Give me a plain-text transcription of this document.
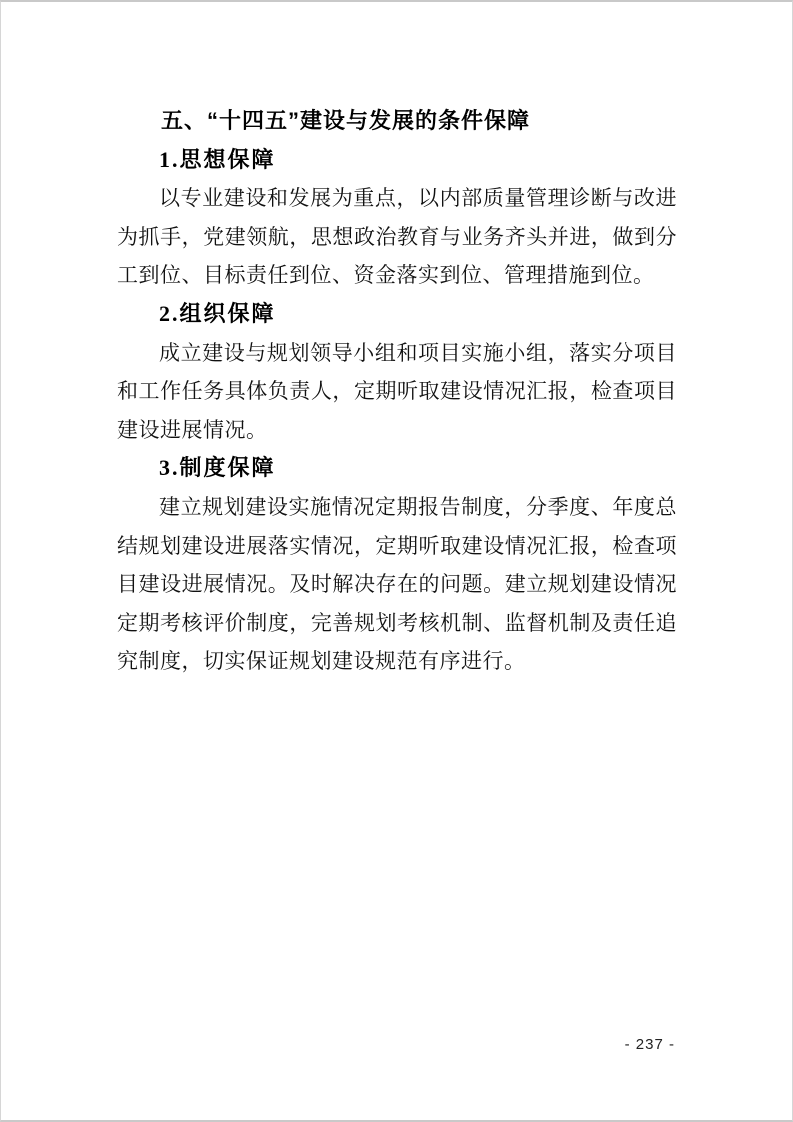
五、“十四五”建设与发展的条件保障
1.思想保障

以专业建设和发展为重点，以内部质量管理诊断与改进为抓手，党建领航，思想政治教育与业务齐头并进，做到分工到位、目标责任到位、资金落实到位、管理措施到位。

2.组织保障

成立建设与规划领导小组和项目实施小组，落实分项目和工作任务具体负责人，定期听取建设情况汇报，检查项目建设进展情况。

3.制度保障

建立规划建设实施情况定期报告制度，分季度、年度总结规划建设进展落实情况，定期听取建设情况汇报，检查项目建设进展情况。及时解决存在的问题。建立规划建设情况定期考核评价制度，完善规划考核机制、监督机制及责任追究制度，切实保证规划建设规范有序进行。

- 237 -
